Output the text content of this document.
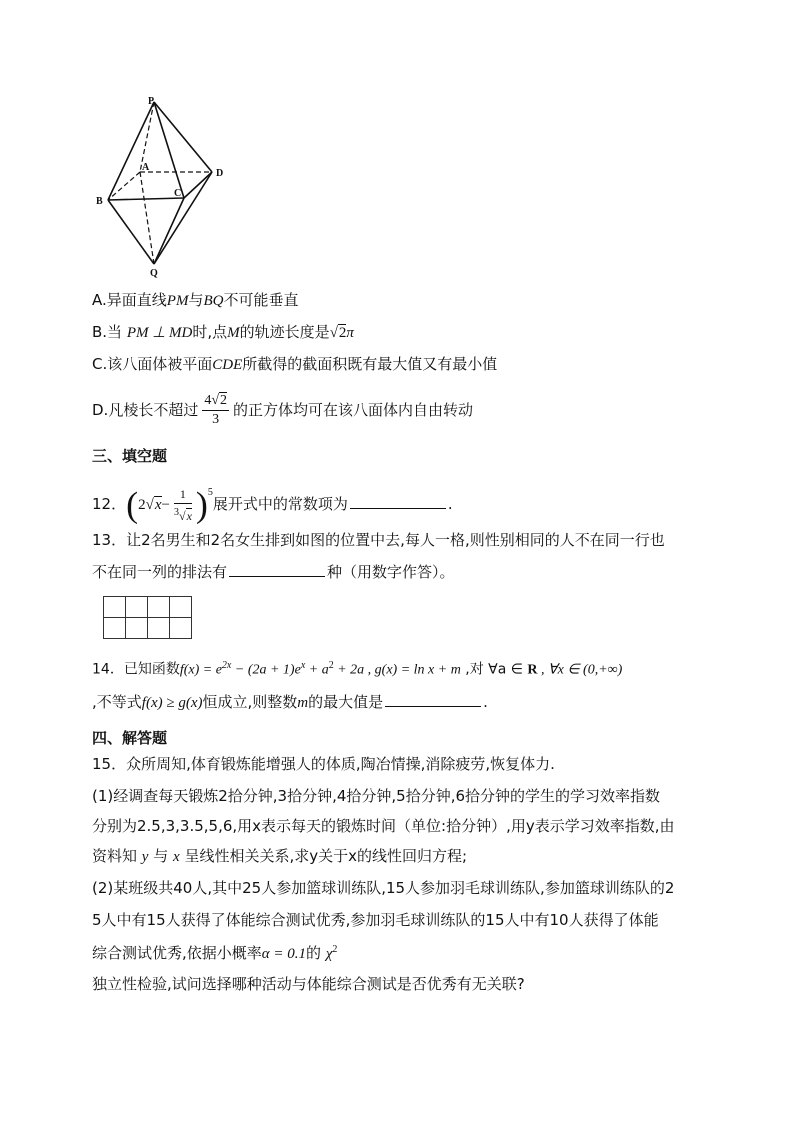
P
A
D
B
C
Q
A.异面直线PM与BQ不可能垂直
B.当 PM ⊥ MD时,点M的轨迹长度是√2π
C.该八面体被平面CDE所截得的截面积既有最大值又有最小值
D.凡棱长不超过 $\frac{4√2}{3}$ 的正方体均可在该八面体内自由转动
三、填空题
12．$(2√x- \frac{1}{^3√x} )^5$展开式中的常数项为	.
13．让2名男生和2名女生排到如图的位置中去,每人一格,则性别相同的人不在同一行也
不在同一列的排法有	种（用数字作答）。

14．已知函数$f(x) = e^{2x} - (2a + 1)e^x + a^2 + 2a$ , g(x) = ln x + m ,对 ∀a ∈ R , ∀x ∈ (0,+∞)
,不等式f(x) ≥ g(x)恒成立,则整数m的最大值是	.
四、解答题
15．众所周知,体育锻炼能增强人的体质,陶冶情操,消除疲劳,恢复体力.
(1)经调查每天锻炼2拾分钟,3拾分钟,4拾分钟,5拾分钟,6拾分钟的学生的学习效率指数
分别为2.5,3,3.5,5,6,用x表示每天的锻炼时间（单位:拾分钟）,用y表示学习效率指数,由
资料知 y 与 x 呈线性相关关系,求y关于x的线性回归方程;
(2)某班级共40人,其中25人参加篮球训练队,15人参加羽毛球训练队,参加篮球训练队的2
5人中有15人获得了体能综合测试优秀,参加羽毛球训练队的15人中有10人获得了体能
综合测试优秀,依据小概率α = 0.1的 $\chi^2$
独立性检验,试问选择哪种活动与体能综合测试是否优秀有无关联?
